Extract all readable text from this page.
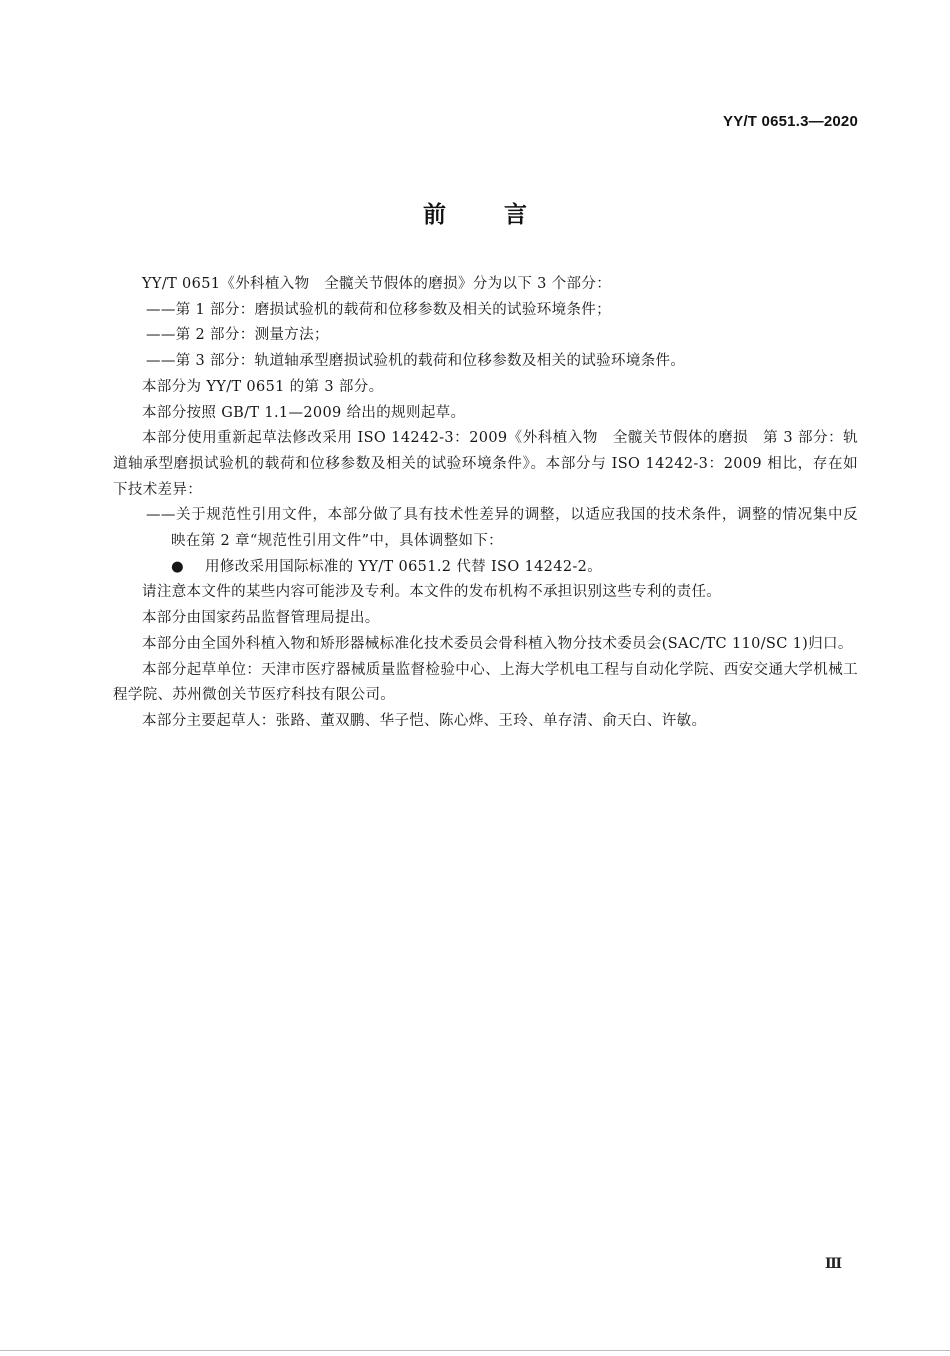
YY/T 0651.3—2020
前言

YY/T 0651《外科植入物　全髋关节假体的磨损》分为以下 3 个部分：

——第 1 部分：磨损试验机的载荷和位移参数及相关的试验环境条件；

——第 2 部分：测量方法；

——第 3 部分：轨道轴承型磨损试验机的载荷和位移参数及相关的试验环境条件。

本部分为 YY/T 0651 的第 3 部分。

本部分按照 GB/T 1.1—2009 给出的规则起草。

本部分使用重新起草法修改采用 ISO 14242-3：2009《外科植入物　全髋关节假体的磨损　第 3 部分：轨道轴承型磨损试验机的载荷和位移参数及相关的试验环境条件》。本部分与 ISO 14242-3：2009 相比，存在如下技术差异：

——关于规范性引用文件，本部分做了具有技术性差异的调整，以适应我国的技术条件，调整的情况集中反映在第 2 章“规范性引用文件”中，具体调整如下：

● 用修改采用国际标准的 YY/T 0651.2 代替 ISO 14242-2。

请注意本文件的某些内容可能涉及专利。本文件的发布机构不承担识别这些专利的责任。

本部分由国家药品监督管理局提出。

本部分由全国外科植入物和矫形器械标准化技术委员会骨科植入物分技术委员会(SAC/TC 110/SC 1)归口。

本部分起草单位：天津市医疗器械质量监督检验中心、上海大学机电工程与自动化学院、西安交通大学机械工程学院、苏州微创关节医疗科技有限公司。

本部分主要起草人：张路、董双鹏、华子恺、陈心烨、王玲、单存清、俞天白、许敏。

Ⅲ
